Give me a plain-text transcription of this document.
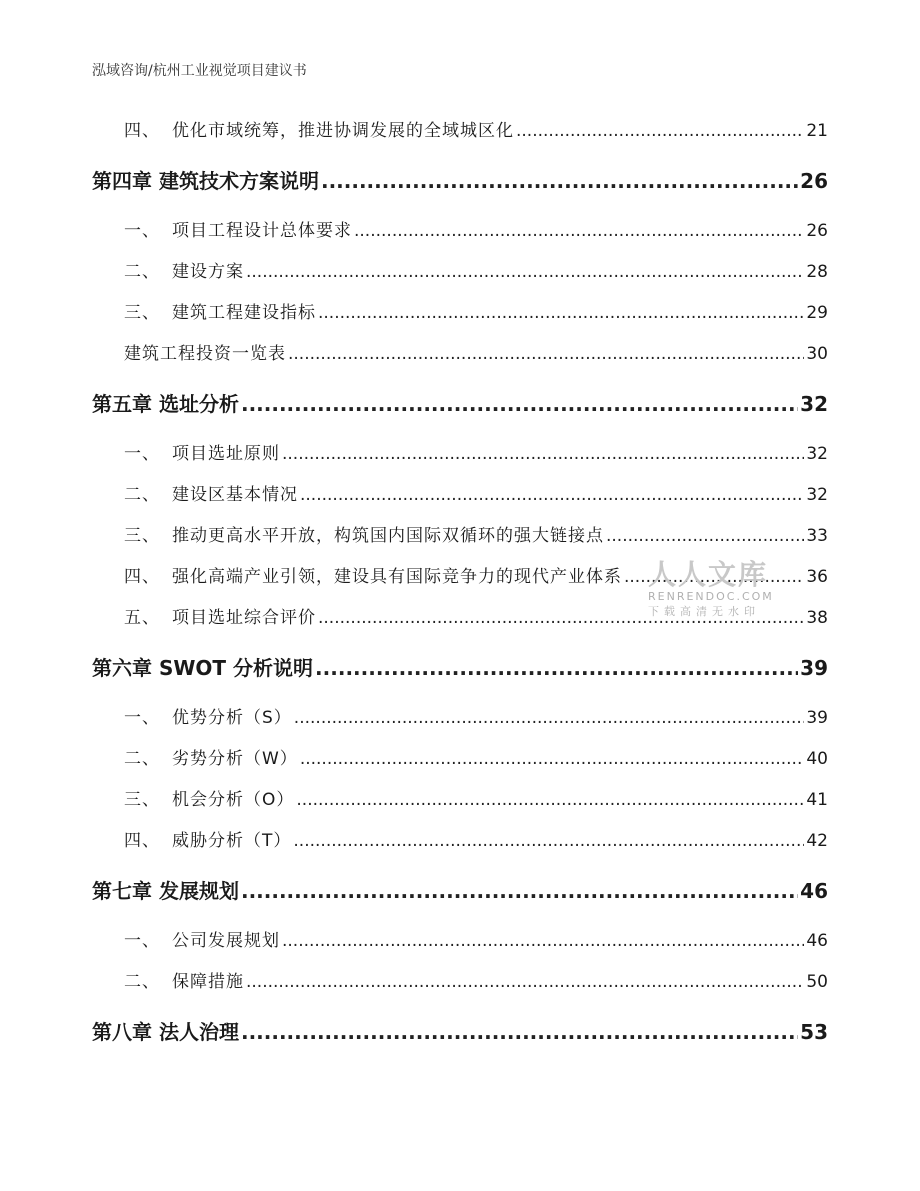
泓域咨询/杭州工业视觉项目建议书
四、 优化市域统筹，推进协调发展的全域城区化 .....	21
第四章 建筑技术方案说明 .....	26
一、 项目工程设计总体要求 .....	26
二、 建设方案 .....	28
三、 建筑工程建设指标 .....	29
建筑工程投资一览表 .....	30
第五章 选址分析 .....	32
一、 项目选址原则 .....	32
二、 建设区基本情况 .....	32
三、 推动更高水平开放，构筑国内国际双循环的强大链接点 .....	33
四、 强化高端产业引领，建设具有国际竞争力的现代产业体系 .....	36
五、 项目选址综合评价 .....	38
第六章 SWOT 分析说明 .....	39
一、 优势分析（S） .....	39
二、 劣势分析（W） .....	40
三、 机会分析（O） .....	41
四、 威胁分析（T） .....	42
第七章 发展规划 .....	46
一、 公司发展规划 .....	46
二、 保障措施 .....	50
第八章 法人治理 .....	53
人人文库
RENRENDOC.COM
下载高清无水印
